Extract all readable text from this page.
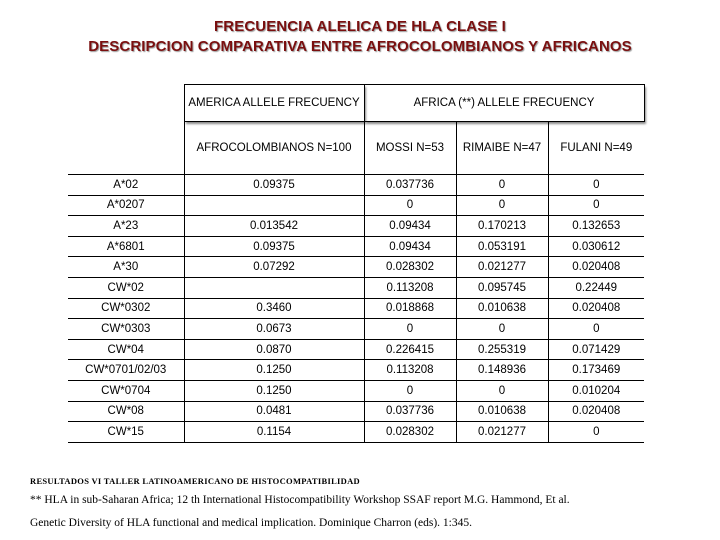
FRECUENCIA ALELICA DE HLA CLASE I
DESCRIPCION COMPARATIVA ENTRE AFROCOLOMBIANOS Y AFRICANOS
	AMERICA ALLELE FRECUENCY	AFRICA (**) ALLELE FRECUENCY		
	AFROCOLOMBIANOS N=100	MOSSI N=53	RIMAIBE N=47	FULANI N=49
A*02	0.09375	0.037736	0	0
A*0207		0	0	0
A*23	0.013542	0.09434	0.170213	0.132653
A*6801	0.09375	0.09434	0.053191	0.030612
A*30	0.07292	0.028302	0.021277	0.020408
CW*02		0.113208	0.095745	0.22449
CW*0302	0.3460	0.018868	0.010638	0.020408
CW*0303	0.0673	0	0	0
CW*04	0.0870	0.226415	0.255319	0.071429
CW*0701/02/03	0.1250	0.113208	0.148936	0.173469
CW*0704	0.1250	0	0	0.010204
CW*08	0.0481	0.037736	0.010638	0.020408
CW*15	0.1154	0.028302	0.021277	0
RESULTADOS VI TALLER LATINOAMERICANO DE HISTOCOMPATIBILIDAD
** HLA in sub-Saharan Africa; 12 th International Histocompatibility Workshop SSAF report M.G. Hammond, Et al.
Genetic Diversity of HLA functional and medical implication. Dominique Charron (eds). 1:345.
